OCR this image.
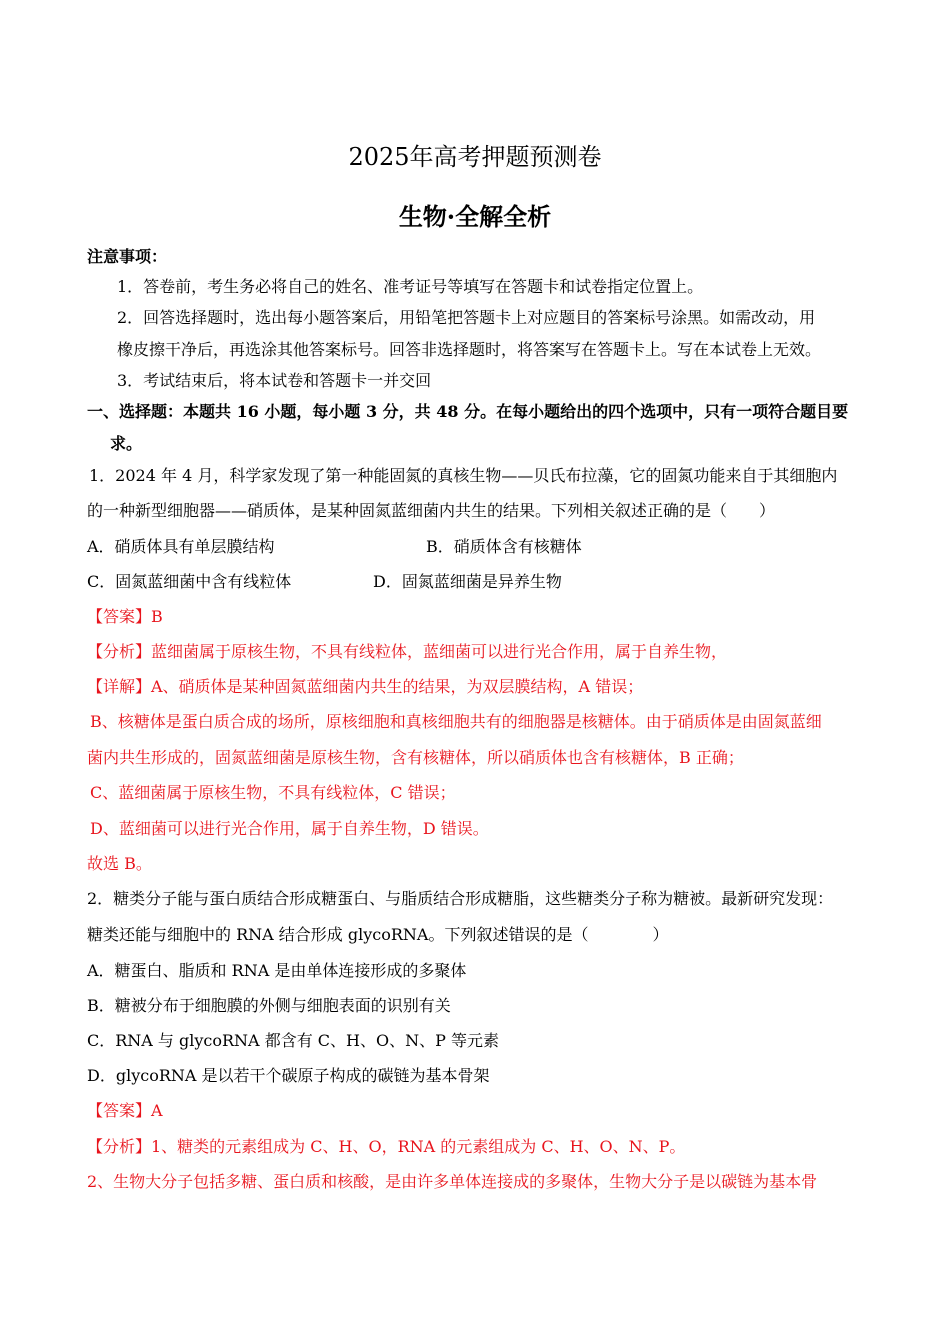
2025年高考押题预测卷
生物·全解全析
注意事项：
1．答卷前，考生务必将自己的姓名、准考证号等填写在答题卡和试卷指定位置上。
2．回答选择题时，选出每小题答案后，用铅笔把答题卡上对应题目的答案标号涂黑。如需改动，用
橡皮擦干净后，再选涂其他答案标号。回答非选择题时，将答案写在答题卡上。写在本试卷上无效。
3．考试结束后，将本试卷和答题卡一并交回
一、选择题：本题共 16 小题，每小题 3 分，共 48 分。在每小题给出的四个选项中，只有一项符合题目要
求。
1．2024 年 4 月，科学家发现了第一种能固氮的真核生物——贝氏布拉藻，它的固氮功能来自于其细胞内
的一种新型细胞器——硝质体，是某种固氮蓝细菌内共生的结果。下列相关叙述正确的是（　　）
A．硝质体具有单层膜结构	B．硝质体含有核糖体
C．固氮蓝细菌中含有线粒体	D．固氮蓝细菌是异养生物
【答案】B
【分析】蓝细菌属于原核生物，不具有线粒体，蓝细菌可以进行光合作用，属于自养生物，
【详解】A、硝质体是某种固氮蓝细菌内共生的结果，为双层膜结构，A 错误；
B、核糖体是蛋白质合成的场所，原核细胞和真核细胞共有的细胞器是核糖体。由于硝质体是由固氮蓝细
菌内共生形成的，固氮蓝细菌是原核生物，含有核糖体，所以硝质体也含有核糖体，B 正确；
C、蓝细菌属于原核生物，不具有线粒体，C 错误；
D、蓝细菌可以进行光合作用，属于自养生物，D 错误。
故选 B。
2．糖类分子能与蛋白质结合形成糖蛋白、与脂质结合形成糖脂，这些糖类分子称为糖被。最新研究发现：
糖类还能与细胞中的 RNA 结合形成 glycoRNA。下列叙述错误的是（　　　　）
A．糖蛋白、脂质和 RNA 是由单体连接形成的多聚体
B．糖被分布于细胞膜的外侧与细胞表面的识别有关
C．RNA 与 glycoRNA 都含有 C、H、O、N、P 等元素
D．glycoRNA 是以若干个碳原子构成的碳链为基本骨架
【答案】A
【分析】1、糖类的元素组成为 C、H、O，RNA 的元素组成为 C、H、O、N、P。
2、生物大分子包括多糖、蛋白质和核酸，是由许多单体连接成的多聚体，生物大分子是以碳链为基本骨
